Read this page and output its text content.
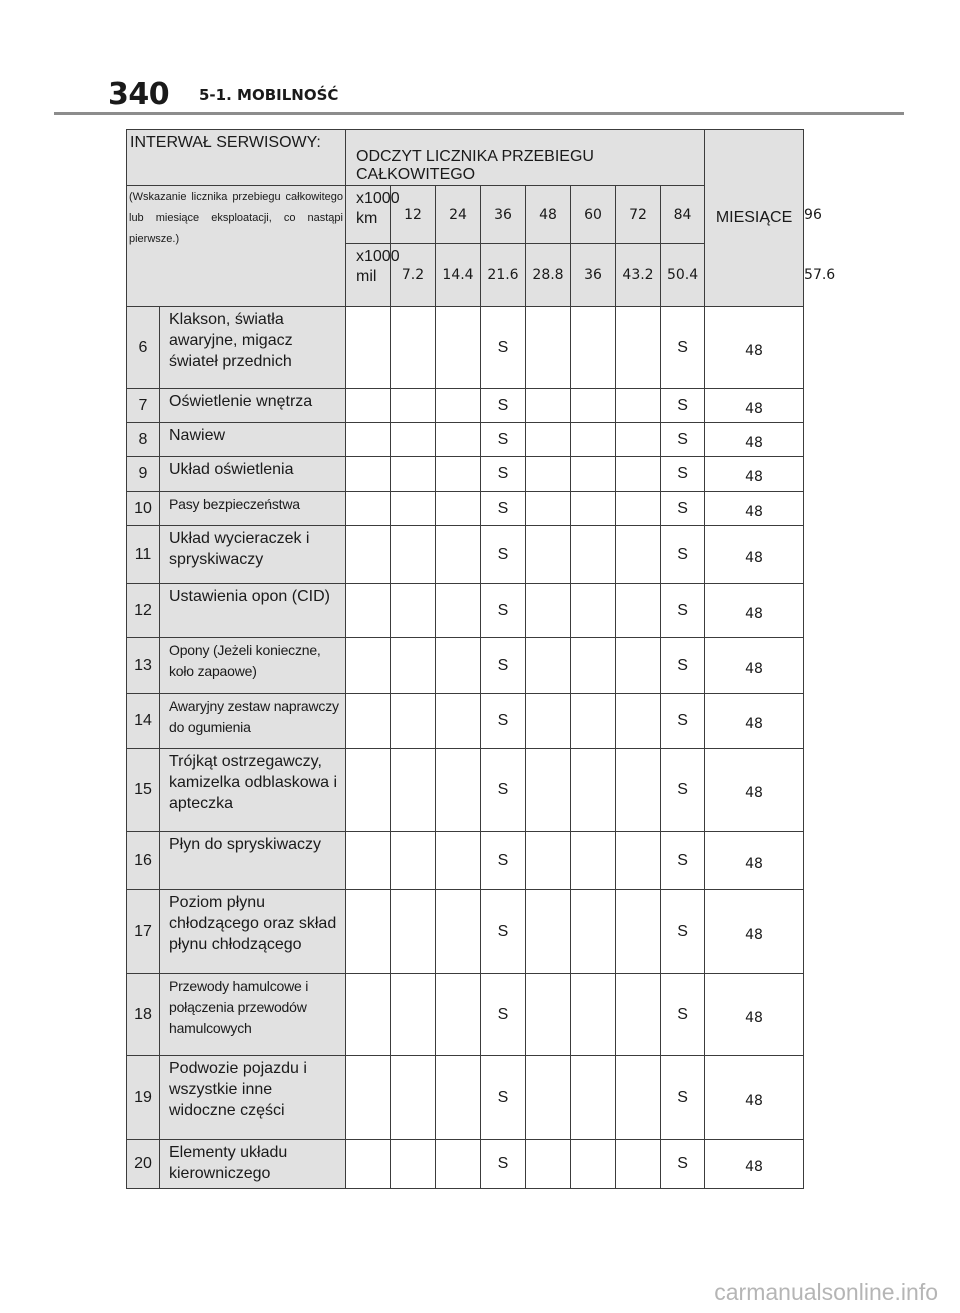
340 5-1. MOBILNOŚĆ
INTERWAŁ SERWISOWY:		ODCZYT LICZNIKA PRZEBIEGU CAŁKOWITEGO								MIESIĄCE	
(Wskazanie licznika przebiegu całkowitego lub miesiące eksploatacji, co nastąpi pierwsze.)		x1000 km	12	24	36	48	60	72	84		96
		x1000 mil	7.2	14.4	21.6	28.8	36	43.2	50.4		57.6
6	Klakson, światła awaryjne, migacz świateł przednich				S				S	48	
7	Oświetlenie wnętrza				S				S	48	
8	Nawiew				S				S	48	
9	Układ oświetlenia				S				S	48	
10	Pasy bezpieczeństwa				S				S	48	
11	Układ wycieraczek i spryskiwaczy				S				S	48	
12	Ustawienia opon (CID)				S				S	48	
13	Opony (Jeżeli konieczne, koło zapaowe)				S				S	48	
14	Awaryjny zestaw naprawczy do ogumienia				S				S	48	
15	Trójkąt ostrzegawczy, kamizelka odblaskowa i apteczka				S				S	48	
16	Płyn do spryskiwaczy				S				S	48	
17	Poziom płynu chłodzącego oraz skład płynu chłodzącego				S				S	48	
18	Przewody hamulcowe i połączenia przewodów hamulcowych				S				S	48	
19	Podwozie pojazdu i wszystkie inne widoczne części				S				S	48	
20	Elementy układu kierowniczego				S				S	48	
carmanualsonline.info
